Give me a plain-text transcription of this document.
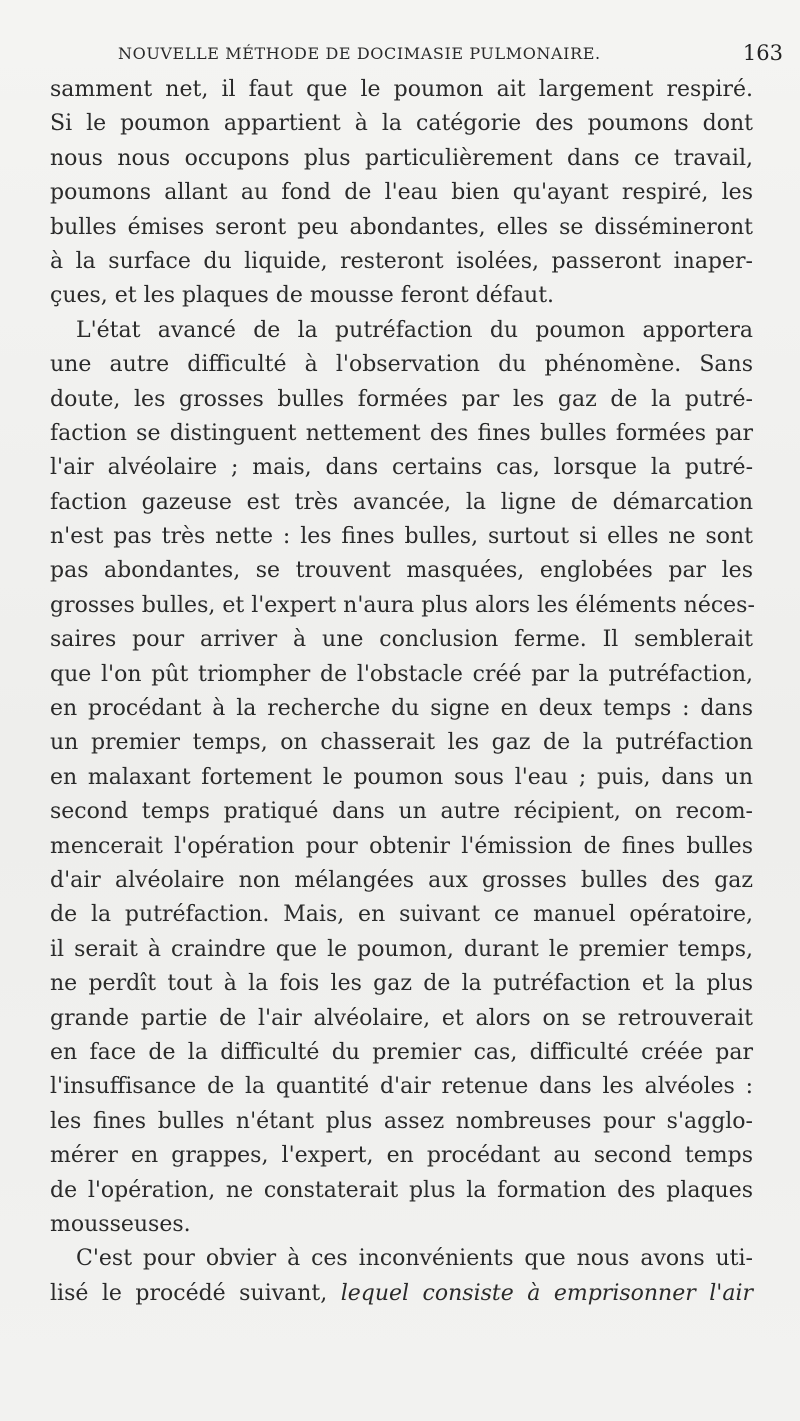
NOUVELLE MÉTHODE DE DOCIMASIE PULMONAIRE.	163
samment net, il faut que le poumon ait largement respiré.
Si le poumon appartient à la catégorie des poumons dont
nous nous occupons plus particulièrement dans ce travail,
poumons allant au fond de l'eau bien qu'ayant respiré, les
bulles émises seront peu abondantes, elles se dissémineront
à la surface du liquide, resteront isolées, passeront inaper-
çues, et les plaques de mousse feront défaut.
L'état avancé de la putréfaction du poumon apportera
une autre difficulté à l'observation du phénomène. Sans
doute, les grosses bulles formées par les gaz de la putré-
faction se distinguent nettement des fines bulles formées par
l'air alvéolaire ; mais, dans certains cas, lorsque la putré-
faction gazeuse est très avancée, la ligne de démarcation
n'est pas très nette : les fines bulles, surtout si elles ne sont
pas abondantes, se trouvent masquées, englobées par les
grosses bulles, et l'expert n'aura plus alors les éléments néces-
saires pour arriver à une conclusion ferme. Il semblerait
que l'on pût triompher de l'obstacle créé par la putréfaction,
en procédant à la recherche du signe en deux temps : dans
un premier temps, on chasserait les gaz de la putréfaction
en malaxant fortement le poumon sous l'eau ; puis, dans un
second temps pratiqué dans un autre récipient, on recom-
mencerait l'opération pour obtenir l'émission de fines bulles
d'air alvéolaire non mélangées aux grosses bulles des gaz
de la putréfaction. Mais, en suivant ce manuel opératoire,
il serait à craindre que le poumon, durant le premier temps,
ne perdît tout à la fois les gaz de la putréfaction et la plus
grande partie de l'air alvéolaire, et alors on se retrouverait
en face de la difficulté du premier cas, difficulté créée par
l'insuffisance de la quantité d'air retenue dans les alvéoles :
les fines bulles n'étant plus assez nombreuses pour s'agglo-
mérer en grappes, l'expert, en procédant au second temps
de l'opération, ne constaterait plus la formation des plaques
mousseuses.
C'est pour obvier à ces inconvénients que nous avons uti-
lisé le procédé suivant, lequel consiste à emprisonner l'air
